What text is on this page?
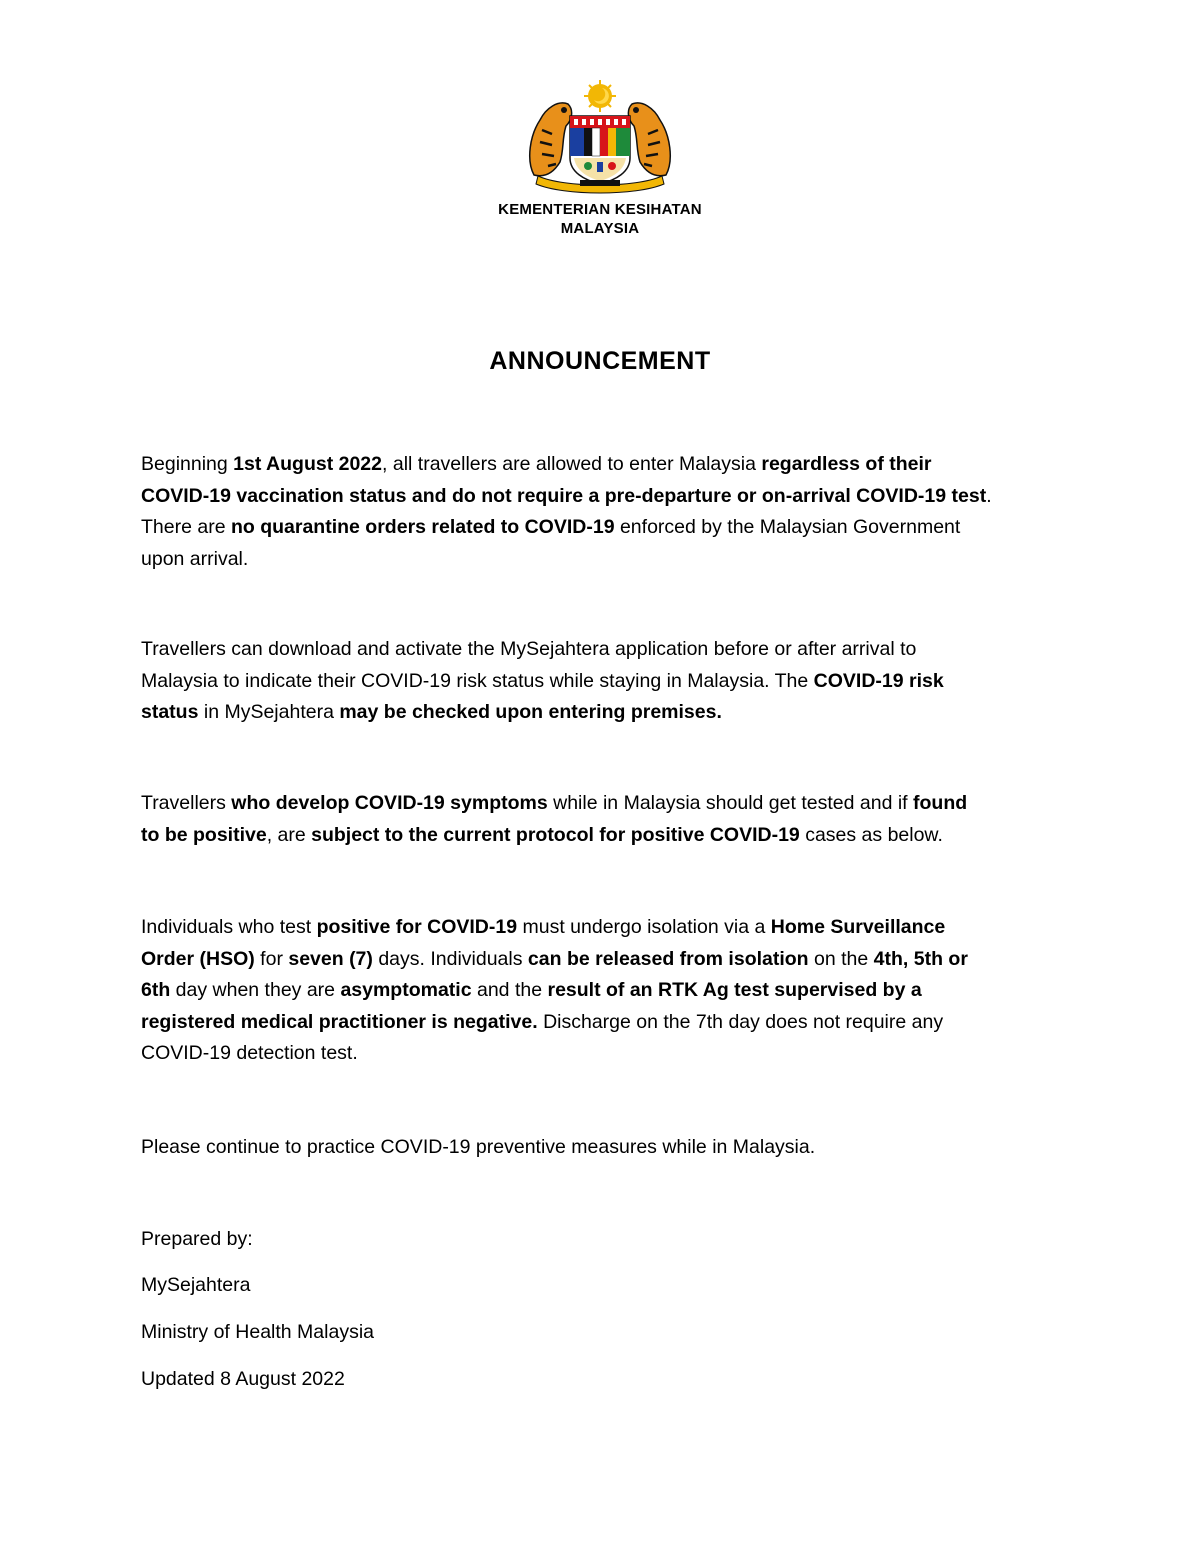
KEMENTERIAN KESIHATAN
MALAYSIA
ANNOUNCEMENT
Beginning 1st August 2022, all travellers are allowed to enter Malaysia regardless of their
COVID-19 vaccination status and do not require a pre-departure or on-arrival COVID-19 test.
There are no quarantine orders related to COVID-19 enforced by the Malaysian Government
upon arrival.
Travellers can download and activate the MySejahtera application before or after arrival to
Malaysia to indicate their COVID-19 risk status while staying in Malaysia. The COVID-19 risk
status in MySejahtera may be checked upon entering premises.
Travellers who develop COVID-19 symptoms while in Malaysia should get tested and if found
to be positive, are subject to the current protocol for positive COVID-19 cases as below.
Individuals who test positive for COVID-19 must undergo isolation via a Home Surveillance
Order (HSO) for seven (7) days. Individuals can be released from isolation on the 4th, 5th or
6th day when they are asymptomatic and the result of an RTK Ag test supervised by a
registered medical practitioner is negative. Discharge on the 7th day does not require any
COVID-19 detection test.
Please continue to practice COVID-19 preventive measures while in Malaysia.
Prepared by:
MySejahtera
Ministry of Health Malaysia
Updated 8 August 2022
